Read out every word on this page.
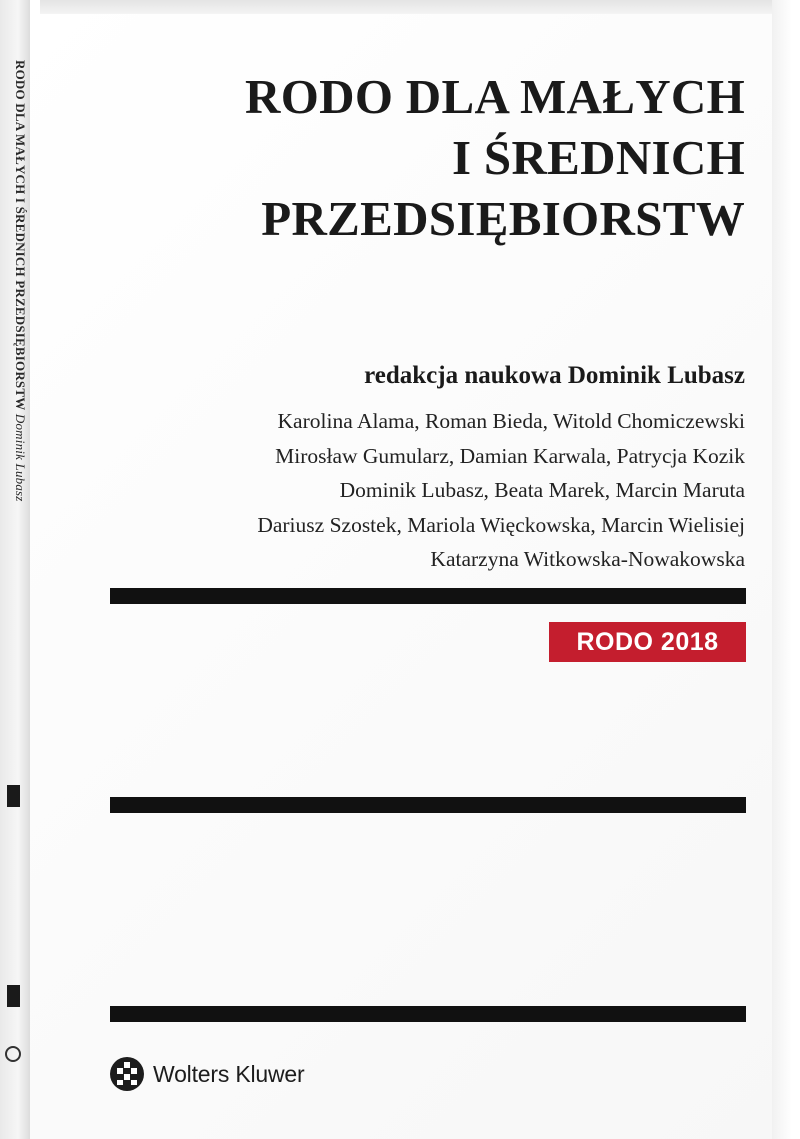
RODO DLA MAŁYCH I ŚREDNICH PRZEDSIĘBIORSTW Dominik Lubasz
RODO DLA MAŁYCH
I ŚREDNICH
PRZEDSIĘBIORSTW
redakcja naukowa Dominik Lubasz
Karolina Alama, Roman Bieda, Witold Chomiczewski
Mirosław Gumularz, Damian Karwala, Patrycja Kozik
Dominik Lubasz, Beata Marek, Marcin Maruta
Dariusz Szostek, Mariola Więckowska, Marcin Wielisiej
Katarzyna Witkowska-Nowakowska
RODO 2018
Wolters Kluwer
